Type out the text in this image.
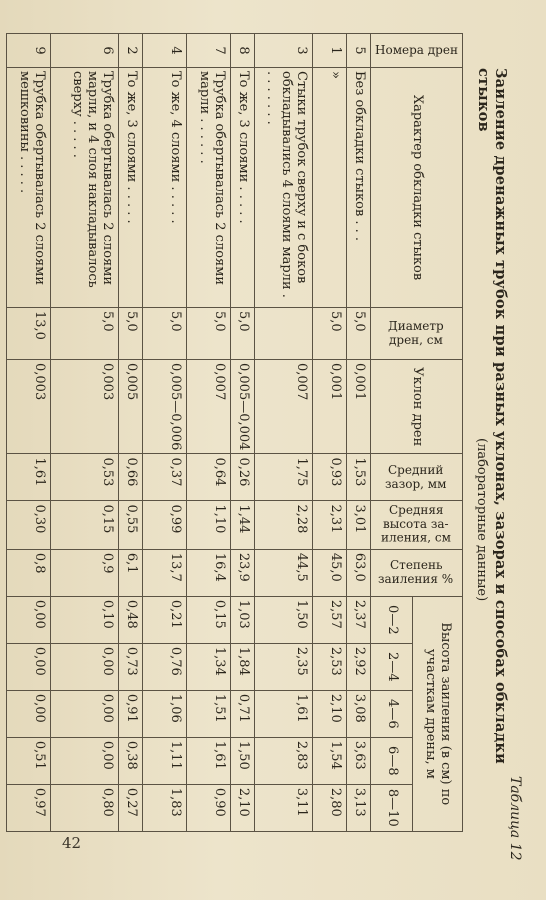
42	Таблица 12
Заиление дренажных трубок при разных уклонах, зазорах и способах обкладки стыков
(лабораторные данные)
Номера дрен	Характер обкладки стыков	Диаметр дрен, см	Уклон дрен	Средний зазор, мм	Средняя высота за-иления, см	Степень заиления %	Высота заиления (в см) по участкам дрены, м				
							0—2	2—4	4—6	6—8	8—10
5	Без обкладки стыков . . .	5,0	0,001	1,53	3,01	63,0	2,37	2,92	3,08	3,63	3,13
1	»	5,0	0,001	0,93	2,31	45,0	2,57	2,53	2,10	1,54	2,80
3	Стыки трубок сверху и с боков обкладывались 4 слоями марли . . . . . . . .		0,007	1,75	2,28	44,5	1,50	2,35	1,61	2,83	3,11
8	То же, 3 слоями . . . . .	5,0	0,005—0,004	0,26	1,44	23,9	1,03	1,84	0,71	1,50	2,10
7	Трубка обертывалась 2 слоями марли . . . . . .	5,0	0,007	0,64	1,10	16,4	0,15	1,34	1,51	1,61	0,90
4	То же, 4 слоями . . . . .	5,0	0,005—0,006	0,37	0,99	13,7	0,21	0,76	1,06	1,11	1,83
2	То же, 3 слоями . . . . .	5,0	0,005	0,66	0,55	6,1	0,48	0,73	0,91	0,38	0,27
6	Трубка обертывалась 2 слоями марли, и 4 слоя накладывалось сверху . . . . .	5,0	0,003	0,53	0,15	0,9	0,10	0,00	0,00	0,00	0,80
9	Трубка обертывалась 2 слоями мешковины . . . . .	13,0	0,003	1,61	0,30	0,8	0,00	0,00	0,00	0,51	0,97
